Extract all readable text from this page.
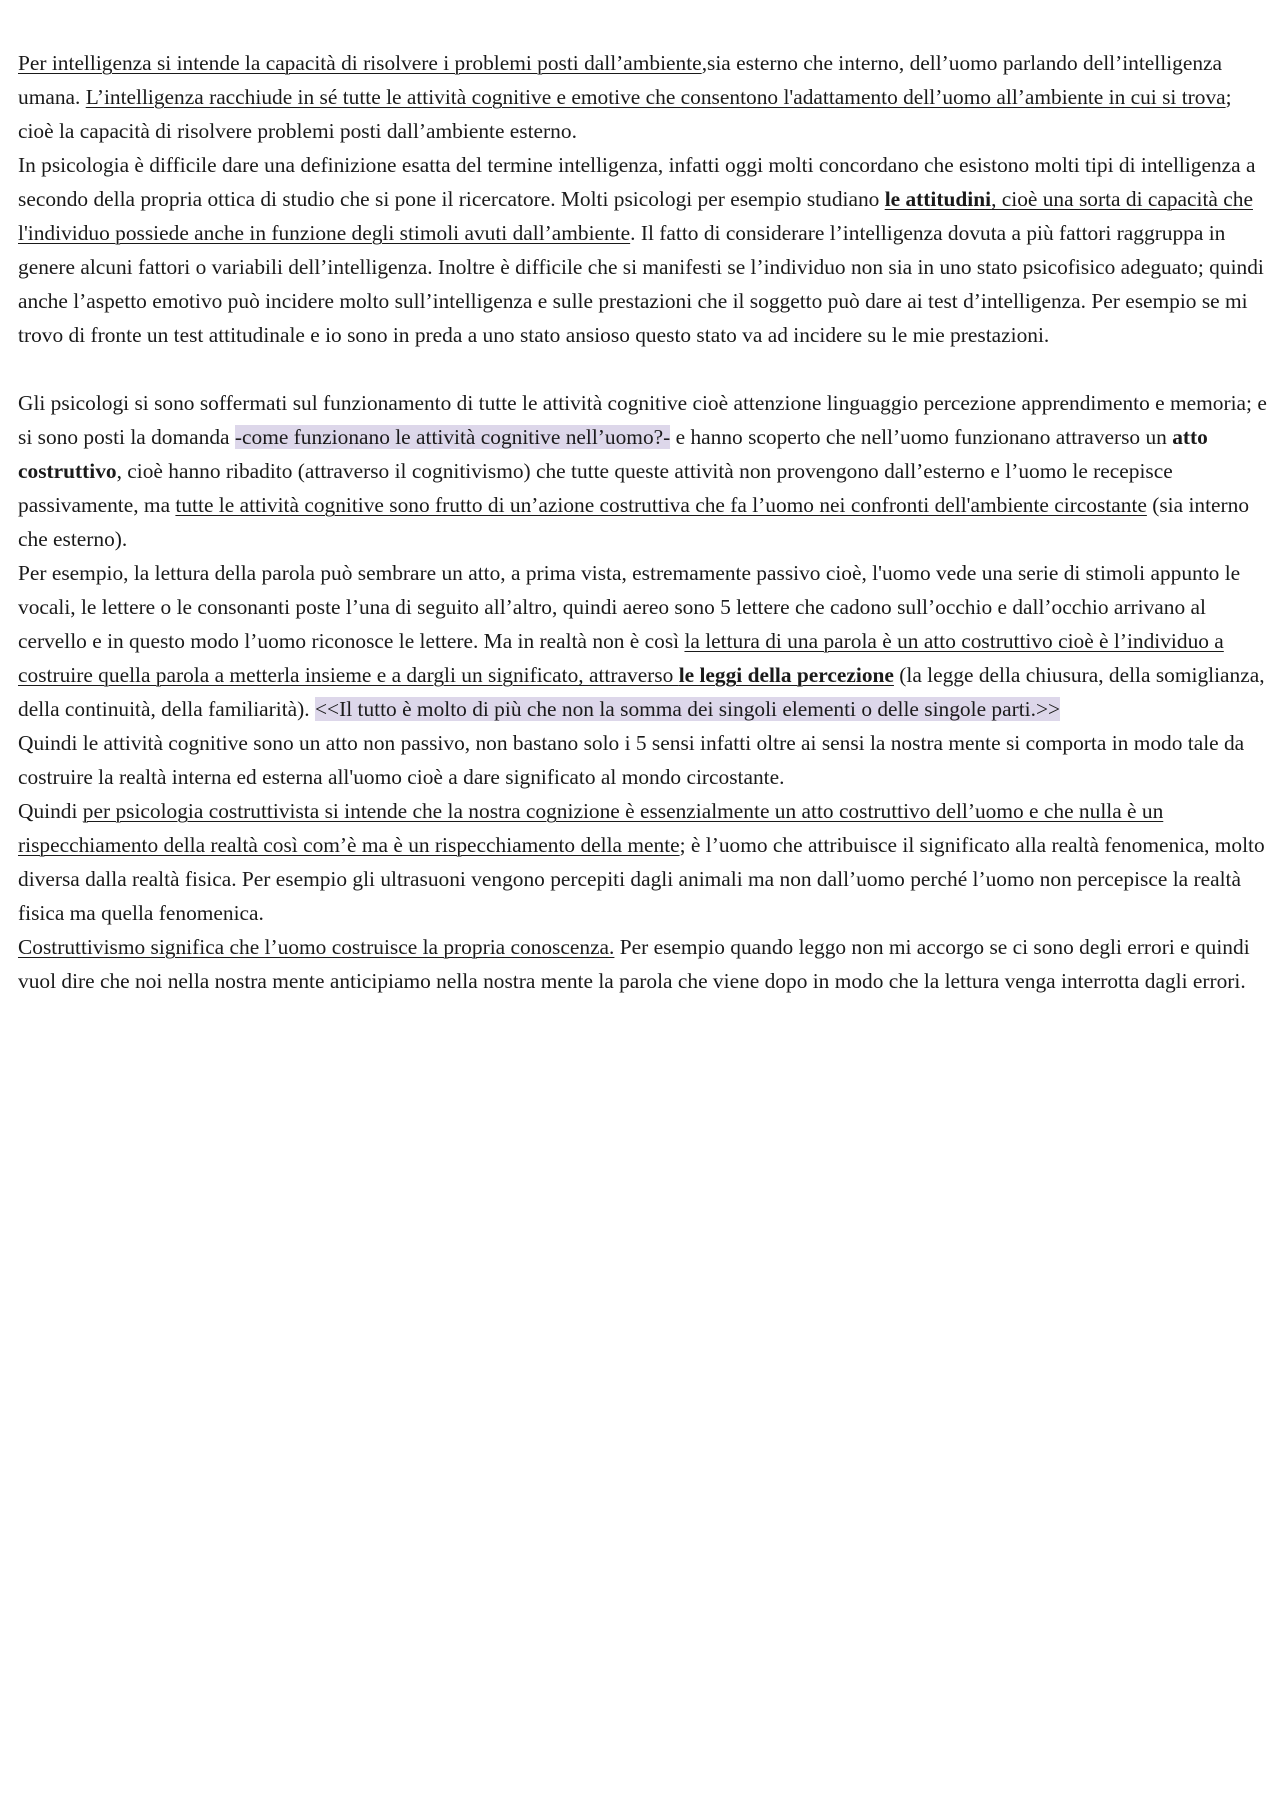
Per intelligenza si intende la capacità di risolvere i problemi posti dall’ambiente,sia esterno che interno, dell’uomo parlando dell’intelligenza umana. L’intelligenza racchiude in sé tutte le attività cognitive e emotive che consentono l'adattamento dell’uomo all’ambiente in cui si trova; cioè la capacità di risolvere problemi posti dall’ambiente esterno.

In psicologia è difficile dare una definizione esatta del termine intelligenza, infatti oggi molti concordano che esistono molti tipi di intelligenza a secondo della propria ottica di studio che si pone il ricercatore. Molti psicologi per esempio studiano le attitudini, cioè una sorta di capacità che l'individuo possiede anche in funzione degli stimoli avuti dall’ambiente. Il fatto di considerare l’intelligenza dovuta a più fattori raggruppa in genere alcuni fattori o variabili dell’intelligenza. Inoltre è difficile che si manifesti se l’individuo non sia in uno stato psicofisico adeguato; quindi anche l’aspetto emotivo può incidere molto sull’intelligenza e sulle prestazioni che il soggetto può dare ai test d’intelligenza. Per esempio se mi trovo di fronte un test attitudinale e io sono in preda a uno stato ansioso questo stato va ad incidere su le mie prestazioni.

Gli psicologi si sono soffermati sul funzionamento di tutte le attività cognitive cioè attenzione linguaggio percezione apprendimento e memoria; e si sono posti la domanda -come funzionano le attività cognitive nell’uomo?- e hanno scoperto che nell’uomo funzionano attraverso un atto costruttivo, cioè hanno ribadito (attraverso il cognitivismo) che tutte queste attività non provengono dall’esterno e l’uomo le recepisce passivamente, ma tutte le attività cognitive sono frutto di un’azione costruttiva che fa l’uomo nei confronti dell'ambiente circostante (sia interno che esterno).

Per esempio, la lettura della parola può sembrare un atto, a prima vista, estremamente passivo cioè, l'uomo vede una serie di stimoli appunto le vocali, le lettere o le consonanti poste l’una di seguito all’altro, quindi aereo sono 5 lettere che cadono sull’occhio e dall’occhio arrivano al cervello e in questo modo l’uomo riconosce le lettere. Ma in realtà non è così la lettura di una parola è un atto costruttivo cioè è l’individuo a costruire quella parola a metterla insieme e a dargli un significato, attraverso le leggi della percezione (la legge della chiusura, della somiglianza, della continuità, della familiarità). <<Il tutto è molto di più che non la somma dei singoli elementi o delle singole parti.>>

Quindi le attività cognitive sono un atto non passivo, non bastano solo i 5 sensi infatti oltre ai sensi la nostra mente si comporta in modo tale da costruire la realtà interna ed esterna all'uomo cioè a dare significato al mondo circostante.

Quindi per psicologia costruttivista si intende che la nostra cognizione è essenzialmente un atto costruttivo dell’uomo e che nulla è un rispecchiamento della realtà così com’è ma è un rispecchiamento della mente; è l’uomo che attribuisce il significato alla realtà fenomenica, molto diversa dalla realtà fisica. Per esempio gli ultrasuoni vengono percepiti dagli animali ma non dall’uomo perché l’uomo non percepisce la realtà fisica ma quella fenomenica.

Costruttivismo significa che l’uomo costruisce la propria conoscenza. Per esempio quando leggo non mi accorgo se ci sono degli errori e quindi vuol dire che noi nella nostra mente anticipiamo nella nostra mente la parola che viene dopo in modo che la lettura venga interrotta dagli errori.
